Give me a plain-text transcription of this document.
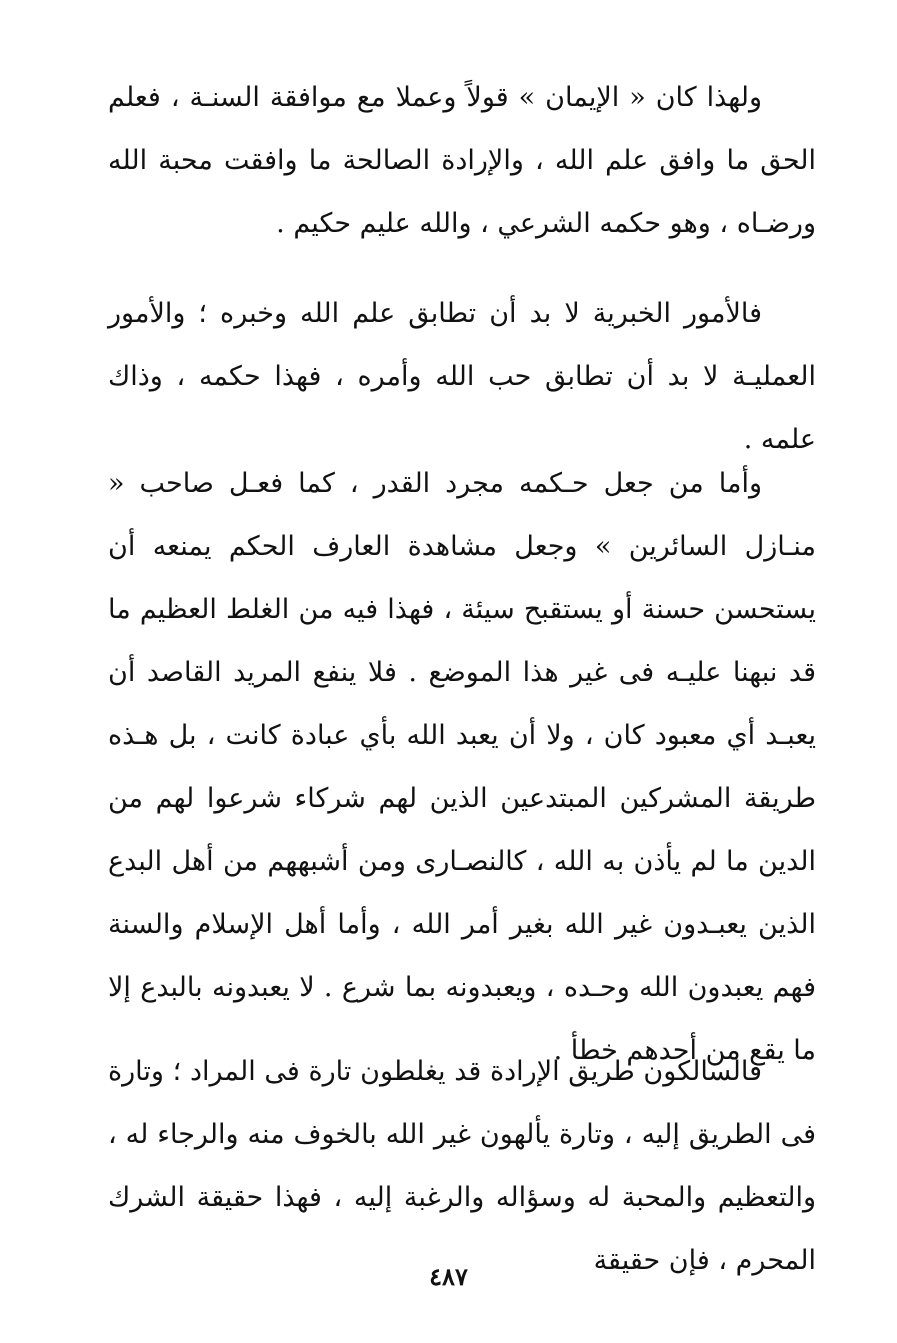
ولهذا كان « الإيمان » قولاً وعملا مع موافقة السنـة ، فعلم الحق ما وافق علم الله ، والإرادة الصالحة ما وافقت محبة الله ورضـاه ، وهو حكمه الشرعي ، والله عليم حكيم .

فالأمور الخبرية لا بد أن تطابق علم الله وخبره ؛ والأمور العمليـة لا بد أن تطابق حب الله وأمره ، فهذا حكمه ، وذاك علمه .

وأما من جعل حـكمه مجرد القدر ، كما فعـل صاحب « منـازل السائرين » وجعل مشاهدة العارف الحكم يمنعه أن يستحسن حسنة أو يستقبح سيئة ، فهذا فيه من الغلط العظيم ما قد نبهنا عليـه فى غير هذا الموضع . فلا ينفع المريد القاصد أن يعبـد أي معبود كان ، ولا أن يعبد الله بأي عبادة كانت ، بل هـذه طريقة المشركين المبتدعين الذين لهم شركاء شرعوا لهم من الدين ما لم يأذن به الله ، كالنصـارى ومن أشبههم من أهل البدع الذين يعبـدون غير الله بغير أمر الله ، وأما أهل الإسلام والسنة فهم يعبدون الله وحـده ، ويعبدونه بما شرع . لا يعبدونه بالبدع إلا ما يقع من أحدهم خطأ .

فالسالكون طريق الإرادة قد يغلطون تارة فى المراد ؛ وتارة فى الطريق إليه ، وتارة يألهون غير الله بالخوف منه والرجاء له ، والتعظيم والمحبة له وسؤاله والرغبة إليه ، فهذا حقيقة الشرك المحرم ، فإن حقيقة

٤٨٧
